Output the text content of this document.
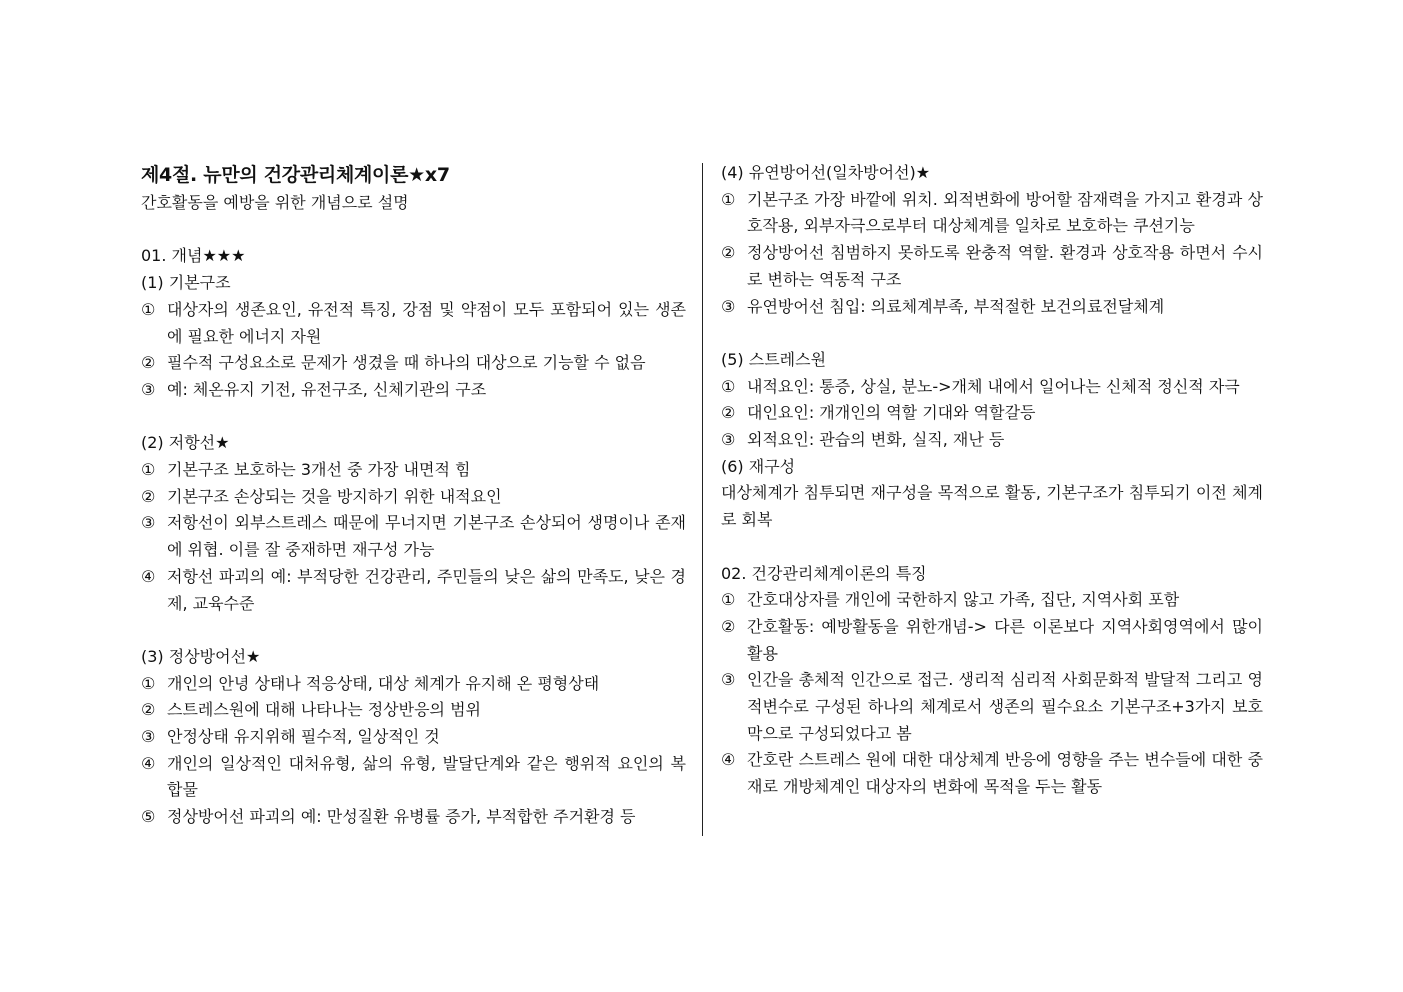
제4절. 뉴만의 건강관리체계이론★x7

간호활동을 예방을 위한 개념으로 설명

01. 개념★★★

(1) 기본구조

① 대상자의 생존요인, 유전적 특징, 강점 및 약점이 모두 포함되어 있는 생존에 필요한 에너지 자원
② 필수적 구성요소로 문제가 생겼을 때 하나의 대상으로 기능할 수 없음
③ 예: 체온유지 기전, 유전구조, 신체기관의 구조

(2) 저항선★

① 기본구조 보호하는 3개선 중 가장 내면적 힘
② 기본구조 손상되는 것을 방지하기 위한 내적요인
③ 저항선이 외부스트레스 때문에 무너지면 기본구조 손상되어 생명이나 존재에 위협. 이를 잘 중재하면 재구성 가능
④ 저항선 파괴의 예: 부적당한 건강관리, 주민들의 낮은 삶의 만족도, 낮은 경제, 교육수준

(3) 정상방어선★

① 개인의 안녕 상태나 적응상태, 대상 체계가 유지해 온 평형상태
② 스트레스원에 대해 나타나는 정상반응의 범위
③ 안정상태 유지위해 필수적, 일상적인 것
④ 개인의 일상적인 대처유형, 삶의 유형, 발달단계와 같은 행위적 요인의 복합물
⑤ 정상방어선 파괴의 예: 만성질환 유병률 증가, 부적합한 주거환경 등

(4) 유연방어선(일차방어선)★

① 기본구조 가장 바깥에 위치. 외적변화에 방어할 잠재력을 가지고 환경과 상호작용, 외부자극으로부터 대상체계를 일차로 보호하는 쿠션기능
② 정상방어선 침범하지 못하도록 완충적 역할. 환경과 상호작용 하면서 수시로 변하는 역동적 구조
③ 유연방어선 침입: 의료체계부족, 부적절한 보건의료전달체계

(5) 스트레스원

① 내적요인: 통증, 상실, 분노->개체 내에서 일어나는 신체적 정신적 자극
② 대인요인: 개개인의 역할 기대와 역할갈등
③ 외적요인: 관습의 변화, 실직, 재난 등

(6) 재구성

대상체계가 침투되면 재구성을 목적으로 활동, 기본구조가 침투되기 이전 체계로 회복

02. 건강관리체계이론의 특징

① 간호대상자를 개인에 국한하지 않고 가족, 집단, 지역사회 포함
② 간호활동: 예방활동을 위한개념-> 다른 이론보다 지역사회영역에서 많이 활용
③ 인간을 총체적 인간으로 접근. 생리적 심리적 사회문화적 발달적 그리고 영적변수로 구성된 하나의 체계로서 생존의 필수요소 기본구조+3가지 보호막으로 구성되었다고 봄
④ 간호란 스트레스 원에 대한 대상체계 반응에 영향을 주는 변수들에 대한 중재로 개방체계인 대상자의 변화에 목적을 두는 활동
